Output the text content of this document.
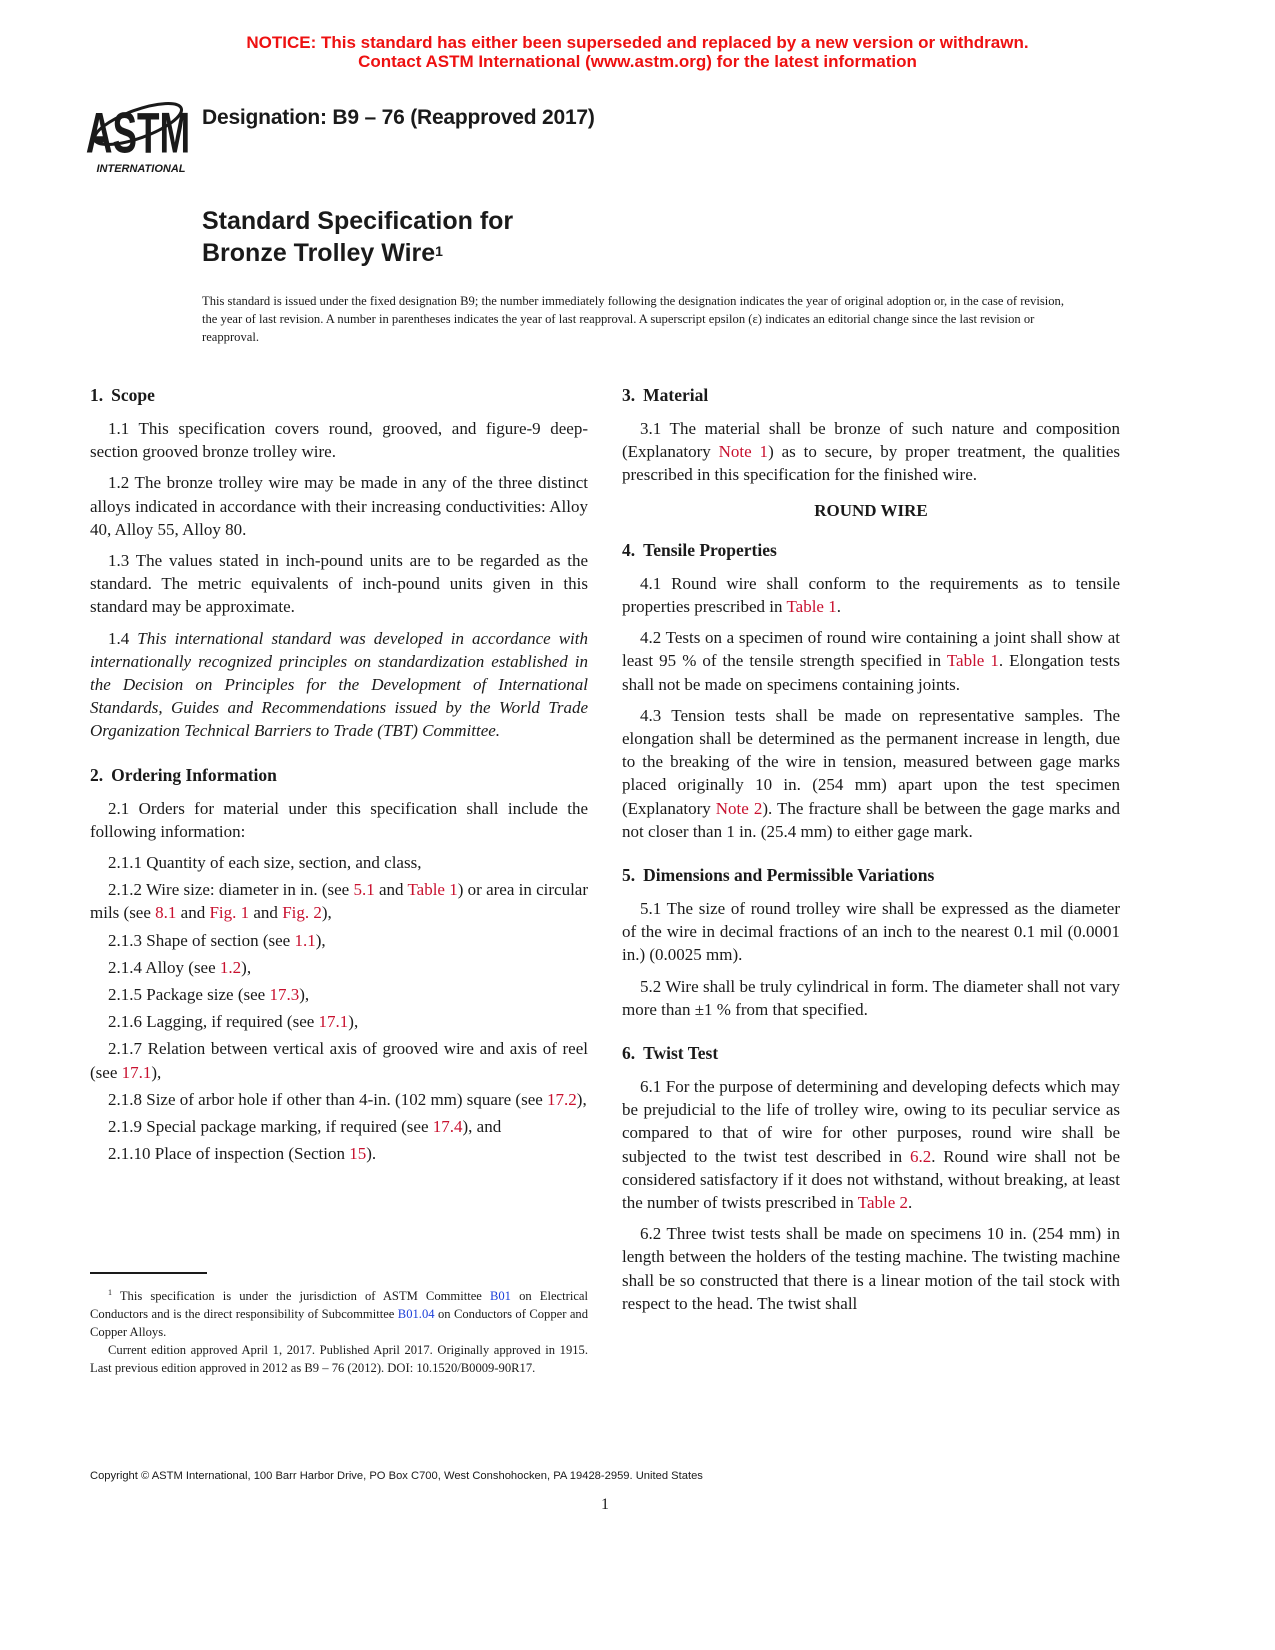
NOTICE: This standard has either been superseded and replaced by a new version or withdrawn.
Contact ASTM International (www.astm.org) for the latest information
ASTM
INTERNATIONAL
Designation: B9 – 76 (Reapproved 2017)
Standard Specification for
Bronze Trolley Wire$^1$
This standard is issued under the fixed designation B9; the number immediately following the designation indicates the year of original adoption or, in the case of revision, the year of last revision. A number in parentheses indicates the year of last reapproval. A superscript epsilon (ε) indicates an editorial change since the last revision or reapproval.
1. Scope

1.1 This specification covers round, grooved, and figure-9 deep-section grooved bronze trolley wire.

1.2 The bronze trolley wire may be made in any of the three distinct alloys indicated in accordance with their increasing conductivities: Alloy 40, Alloy 55, Alloy 80.

1.3 The values stated in inch-pound units are to be regarded as the standard. The metric equivalents of inch-pound units given in this standard may be approximate.

1.4 This international standard was developed in accordance with internationally recognized principles on standardization established in the Decision on Principles for the Development of International Standards, Guides and Recommendations issued by the World Trade Organization Technical Barriers to Trade (TBT) Committee.

2. Ordering Information

2.1 Orders for material under this specification shall include the following information:

2.1.1 Quantity of each size, section, and class,

2.1.2 Wire size: diameter in in. (see 5.1 and Table 1) or area in circular mils (see 8.1 and Fig. 1 and Fig. 2),

2.1.3 Shape of section (see 1.1),

2.1.4 Alloy (see 1.2),

2.1.5 Package size (see 17.3),

2.1.6 Lagging, if required (see 17.1),

2.1.7 Relation between vertical axis of grooved wire and axis of reel (see 17.1),

2.1.8 Size of arbor hole if other than 4-in. (102 mm) square (see 17.2),

2.1.9 Special package marking, if required (see 17.4), and

2.1.10 Place of inspection (Section 15).

3. Material

3.1 The material shall be bronze of such nature and composition (Explanatory Note 1) as to secure, by proper treatment, the qualities prescribed in this specification for the finished wire.

ROUND WIRE
4. Tensile Properties

4.1 Round wire shall conform to the requirements as to tensile properties prescribed in Table 1.

4.2 Tests on a specimen of round wire containing a joint shall show at least 95 % of the tensile strength specified in Table 1. Elongation tests shall not be made on specimens containing joints.

4.3 Tension tests shall be made on representative samples. The elongation shall be determined as the permanent increase in length, due to the breaking of the wire in tension, measured between gage marks placed originally 10 in. (254 mm) apart upon the test specimen (Explanatory Note 2). The fracture shall be between the gage marks and not closer than 1 in. (25.4 mm) to either gage mark.

5. Dimensions and Permissible Variations

5.1 The size of round trolley wire shall be expressed as the diameter of the wire in decimal fractions of an inch to the nearest 0.1 mil (0.0001 in.) (0.0025 mm).

5.2 Wire shall be truly cylindrical in form. The diameter shall not vary more than ±1 % from that specified.

6. Twist Test

6.1 For the purpose of determining and developing defects which may be prejudicial to the life of trolley wire, owing to its peculiar service as compared to that of wire for other purposes, round wire shall be subjected to the twist test described in 6.2. Round wire shall not be considered satisfactory if it does not withstand, without breaking, at least the number of twists prescribed in Table 2.

6.2 Three twist tests shall be made on specimens 10 in. (254 mm) in length between the holders of the testing machine. The twisting machine shall be so constructed that there is a linear motion of the tail stock with respect to the head. The twist shall

$^1$ This specification is under the jurisdiction of ASTM Committee B01 on Electrical Conductors and is the direct responsibility of Subcommittee B01.04 on Conductors of Copper and Copper Alloys.

Current edition approved April 1, 2017. Published April 2017. Originally approved in 1915. Last previous edition approved in 2012 as B9 – 76 (2012). DOI: 10.1520/B0009-90R17.

Copyright © ASTM International, 100 Barr Harbor Drive, PO Box C700, West Conshohocken, PA 19428-2959. United States
1
